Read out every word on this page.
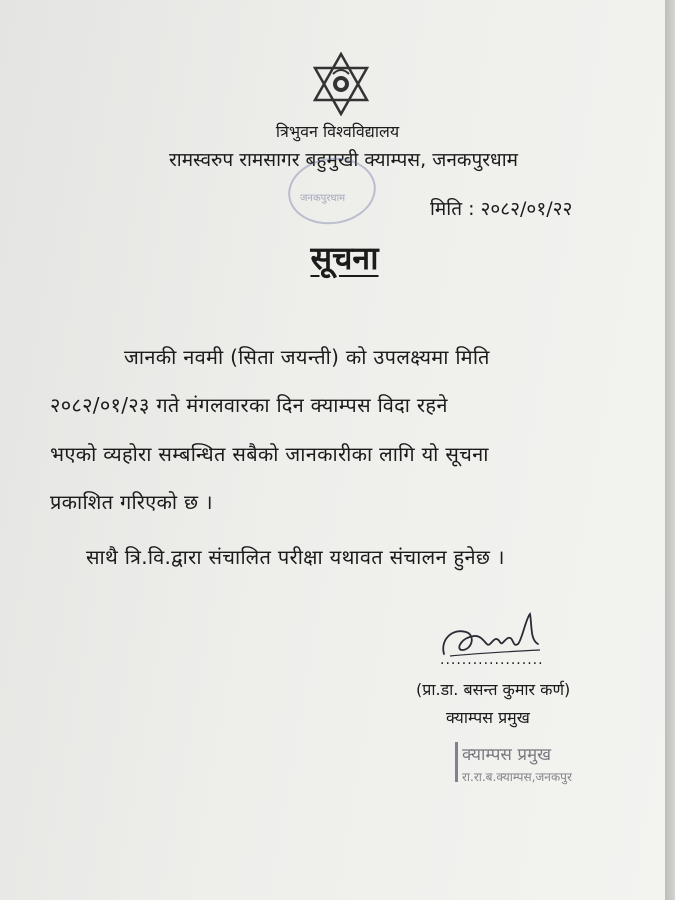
त्रिभुवन विश्वविद्यालय
रामस्वरुप रामसागर बहुमुखी क्याम्पस, जनकपुरधाम
जनकपुरधाम	मिति : २०८२/०१/२२
सूचना
जानकी नवमी (सिता जयन्ती) को उपलक्ष्यमा मिति
२०८२/०१/२३ गते मंगलवारका दिन क्याम्पस विदा रहने
भएको व्यहोरा सम्बन्धित सबैको जानकारीका लागि यो सूचना
प्रकाशित गरिएको छ ।
साथै त्रि.वि.द्वारा संचालित परीक्षा यथावत संचालन हुनेछ ।
...................
(प्रा.डा. बसन्त कुमार कर्ण)
क्याम्पस प्रमुख
क्याम्पस प्रमुख
रा.रा.ब.क्याम्पस,जनकपुर
